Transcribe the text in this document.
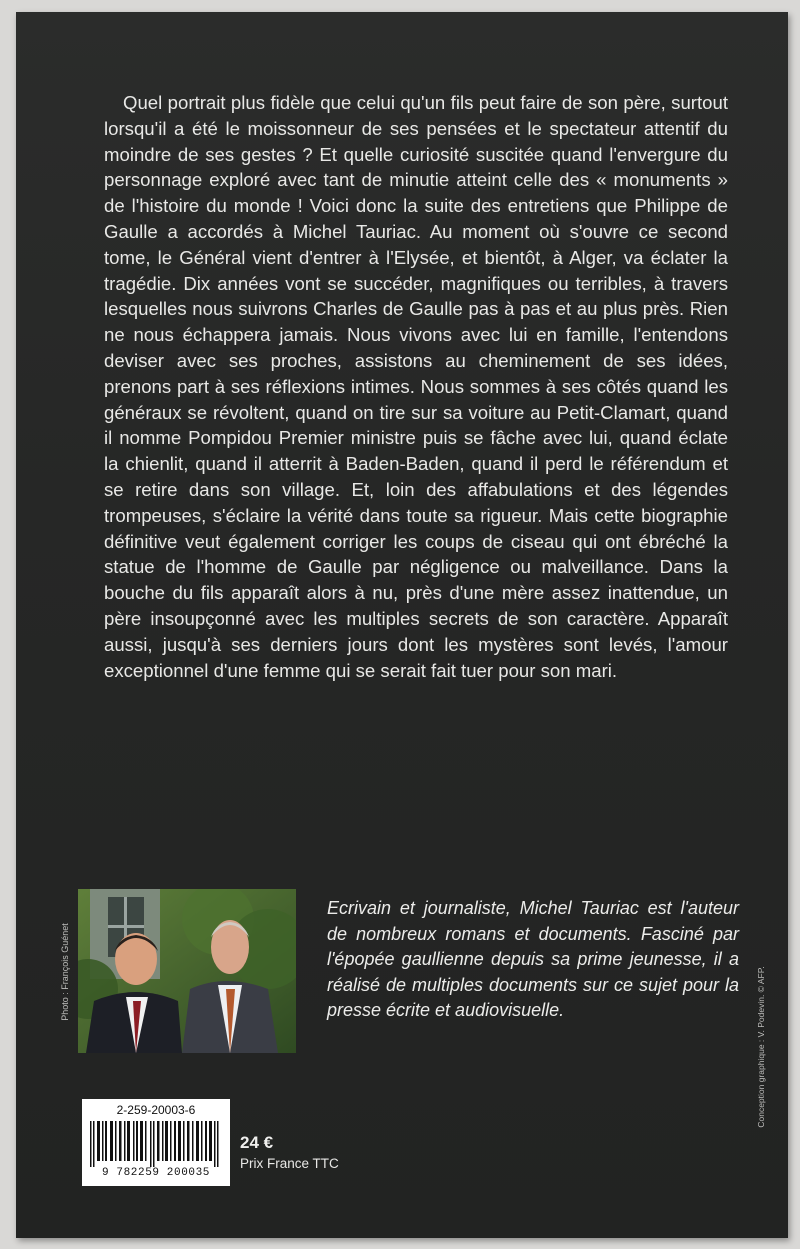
Quel portrait plus fidèle que celui qu'un fils peut faire de son père, surtout lorsqu'il a été le moissonneur de ses pensées et le spectateur attentif du moindre de ses gestes ? Et quelle curiosité suscitée quand l'envergure du personnage exploré avec tant de minutie atteint celle des « monuments » de l'histoire du monde ! Voici donc la suite des entretiens que Philippe de Gaulle a accordés à Michel Tauriac. Au moment où s'ouvre ce second tome, le Général vient d'entrer à l'Elysée, et bientôt, à Alger, va éclater la tragédie. Dix années vont se succéder, magnifiques ou terribles, à travers lesquelles nous suivrons Charles de Gaulle pas à pas et au plus près. Rien ne nous échappera jamais. Nous vivons avec lui en famille, l'entendons deviser avec ses proches, assistons au cheminement de ses idées, prenons part à ses réflexions intimes. Nous sommes à ses côtés quand les généraux se révoltent, quand on tire sur sa voiture au Petit-Clamart, quand il nomme Pompidou Premier ministre puis se fâche avec lui, quand éclate la chienlit, quand il atterrit à Baden-Baden, quand il perd le référendum et se retire dans son village. Et, loin des affabulations et des légendes trompeuses, s'éclaire la vérité dans toute sa rigueur. Mais cette biographie définitive veut également corriger les coups de ciseau qui ont ébréché la statue de l'homme de Gaulle par négligence ou malveillance. Dans la bouche du fils apparaît alors à nu, près d'une mère assez inattendue, un père insoupçonné avec les multiples secrets de son caractère. Apparaît aussi, jusqu'à ses derniers jours dont les mystères sont levés, l'amour exceptionnel d'une femme qui se serait fait tuer pour son mari.

Photo : François Guénet

Ecrivain et journaliste, Michel Tauriac est l'auteur de nombreux romans et documents. Fasciné par l'épopée gaullienne depuis sa prime jeunesse, il a réalisé de multiples documents sur ce sujet pour la presse écrite et audiovisuelle.	Conception graphique : V. Podevin. © AFP.
2-259-20003-6
9 782259 200035
24 €
Prix France TTC
